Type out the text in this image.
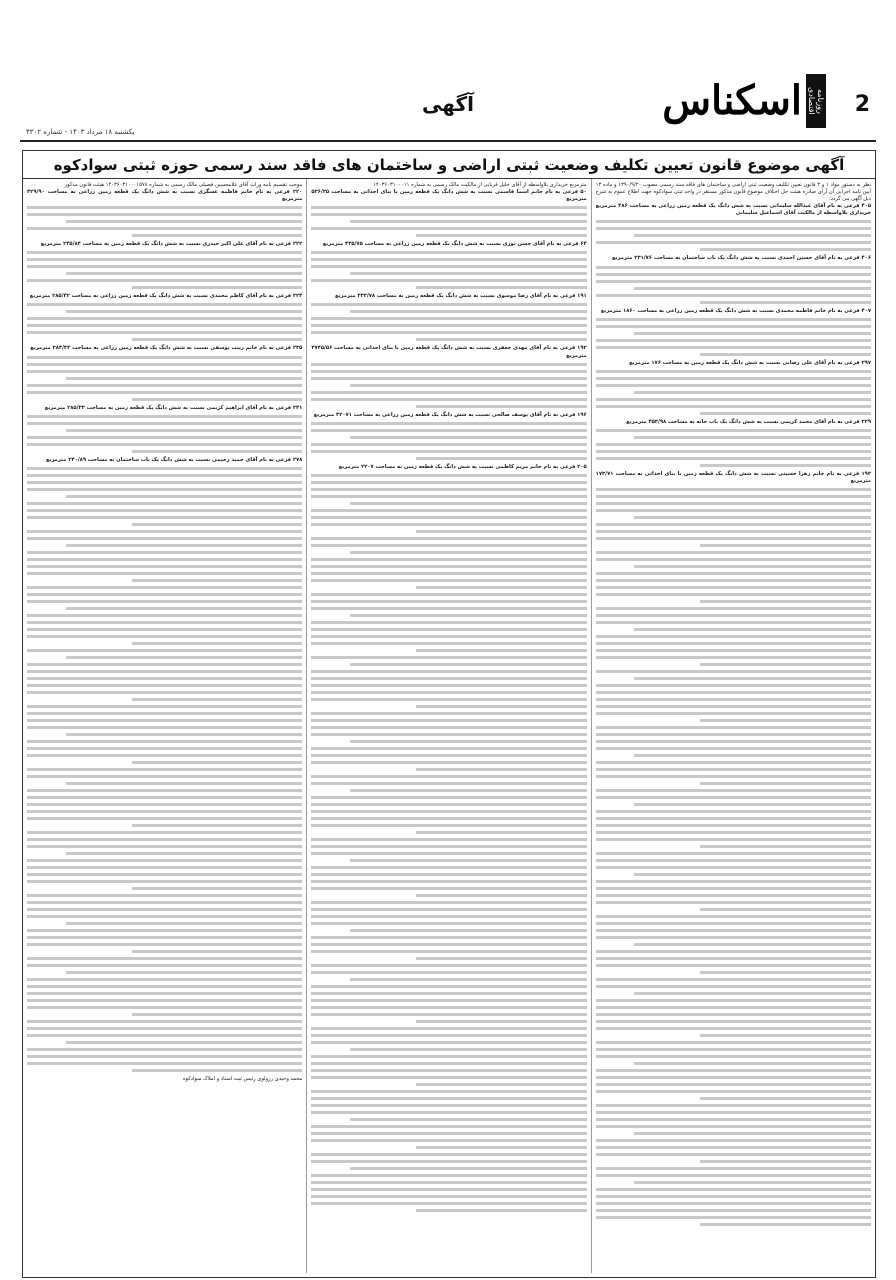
2
اسکناس	روزنامه اقتصادی
آگهی
یکشنبه ۱۸ مرداد ۱۴۰۳ - شماره ۴۳۰۲
آگهی موضوع قانون تعیین تکلیف وضعیت ثبتی اراضی و ساختمان های فاقد سند رسمی حوزه ثبتی سوادکوه

نظر به دستور مواد ۱ و ۳ قانون تعیین تکلیف وضعیت ثبتی اراضی و ساختمان های فاقد سند رسمی مصوب ۱۳۹۰/۹/۲۰ و ماده ۱۳ آیین نامه اجرایی آن آرای صادره هیئت حل اختلاف موضوع قانون مذکور مستقر در واحد ثبتی سوادکوه جهت اطلاع عموم به شرح ذیل آگهی می گردد:

۴۰۵ فرعی به نام آقای عبدالله سلیمانی نسبت به شش دانگ یک قطعه زمین زراعی به مساحت ۴۸۶ مترمربع خریداری بلاواسطه از مالکیت آقای اسماعیل سلیمانی

۴۰۶ فرعی به نام آقای حسین احمدی نسبت به شش دانگ یک باب ساختمان به مساحت ۲۳۱/۷۶ مترمربع

۴۰۷ فرعی به نام خانم فاطمه محمدی نسبت به شش دانگ یک قطعه زمین زراعی به مساحت ۱۸۶۰ مترمربع

۲۹۷ فرعی به نام آقای علی رضایی نسبت به شش دانگ یک قطعه زمین به مساحت ۱۷۶ مترمربع

۲۲۹ فرعی به نام آقای محمد کریمی نسبت به شش دانگ یک باب خانه به مساحت ۴۵۳/۹۸ مترمربع

۱۹۲ فرعی به نام خانم زهرا حسینی نسبت به شش دانگ یک قطعه زمین با بنای احداثی به مساحت ۱۷۳/۷۱ مترمربع

مترمربع خریداری بلاواسطه از آقای خلیل قربانی از مالکیت مالک رسمی به شماره ۱۴۰۳۶۰۳۱۰۰۰۱۱

۵۰ فرعی به نام خانم اسما قاسمی نسبت به شش دانگ یک قطعه زمین با بنای احداثی به مساحت ۵۳۶/۳۵ مترمربع

۶۴ فرعی به نام آقای حسن نوری نسبت به شش دانگ یک قطعه زمین زراعی به مساحت ۴۳۵/۷۵ مترمربع

۱۹۱ فرعی به نام آقای رضا موسوی نسبت به شش دانگ یک قطعه زمین به مساحت ۳۳۳/۷۸ مترمربع

۱۹۲ فرعی به نام آقای مهدی جعفری نسبت به شش دانگ یک قطعه زمین با بنای احداثی به مساحت ۳۷۴۵/۵۶ مترمربع

۱۹۶ فرعی به نام آقای یوسف صالحی نسبت به شش دانگ یک قطعه زمین زراعی به مساحت ۳۲۰۷۱ مترمربع

۲۰۵ فرعی به نام خانم مریم کاظمی نسبت به شش دانگ یک قطعه زمین به مساحت ۲۲۰۷ مترمربع

موجب تقسیم نامه وراث آقای غلامحسین فصیلی مالک رسمی به شماره ۱۴۰۳۶۰۳۱۰۰۰۱۵۷۸ هیئت قانون مذکور

۲۲۰ فرعی به نام خانم فاطمه عسگری نسبت به شش دانگ یک قطعه زمین زراعی به مساحت ۴۲۹/۹۰ مترمربع

۲۲۲ فرعی به نام آقای علی اکبر حیدری نسبت به شش دانگ یک قطعه زمین به مساحت ۲۴۵/۸۴ مترمربع

۲۲۴ فرعی به نام آقای کاظم محمدی نسبت به شش دانگ یک قطعه زمین زراعی به مساحت ۲۸۵/۴۲ مترمربع

۲۳۵ فرعی به نام خانم زینب یوسفی نسبت به شش دانگ یک قطعه زمین زراعی به مساحت ۳۸۳/۳۳ مترمربع

۲۴۱ فرعی به نام آقای ابراهیم کریمی نسبت به شش دانگ یک قطعه زمین به مساحت ۲۸۵/۳۳ مترمربع

۲۷۸ فرعی به نام آقای حمید رحیمی نسبت به شش دانگ یک باب ساختمان به مساحت ۲۴۰/۸۹ مترمربع

محمد وحیدی رزولوی رئیس ثبت اسناد و املاک سوادکوه
